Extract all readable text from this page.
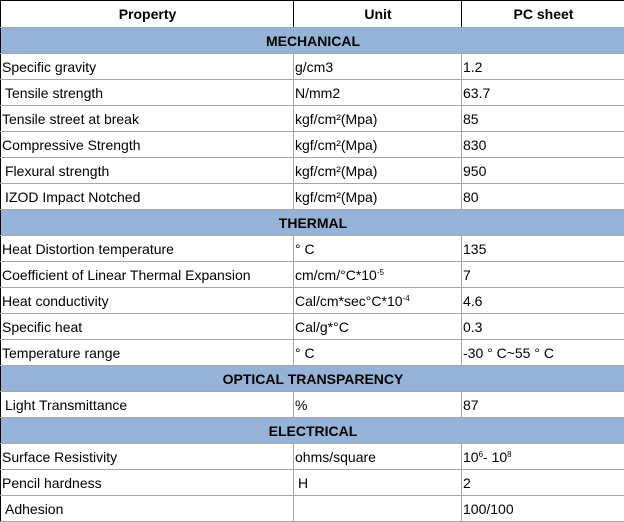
Property	Unit	PC sheet
MECHANICAL		
Specific gravity	g/cm3	1.2
Tensile strength	N/mm2	63.7
Tensile street at break	kgf/cm²(Mpa)	85
Compressive Strength	kgf/cm²(Mpa)	830
Flexural strength	kgf/cm²(Mpa)	950
IZOD Impact Notched	kgf/cm²(Mpa)	80
THERMAL		
Heat Distortion temperature	° C	135
Coefficient of Linear Thermal Expansion	$cm/cm/^\circ C*10^{-5}$	7
Heat conductivity	Cal/$cm*\sec^\circ C*10^{-4}$	4.6
Specific heat	Cal/g*°C	0.3
Temperature range	° C	-30 ° C~55 ° C
OPTICAL TRANSPARENCY		
Light Transmittance	%	87
ELECTRICAL		
Surface Resistivity	ohms/square	$10^6-$ $10^8$
Pencil hardness	H	2
Adhesion		100/100
